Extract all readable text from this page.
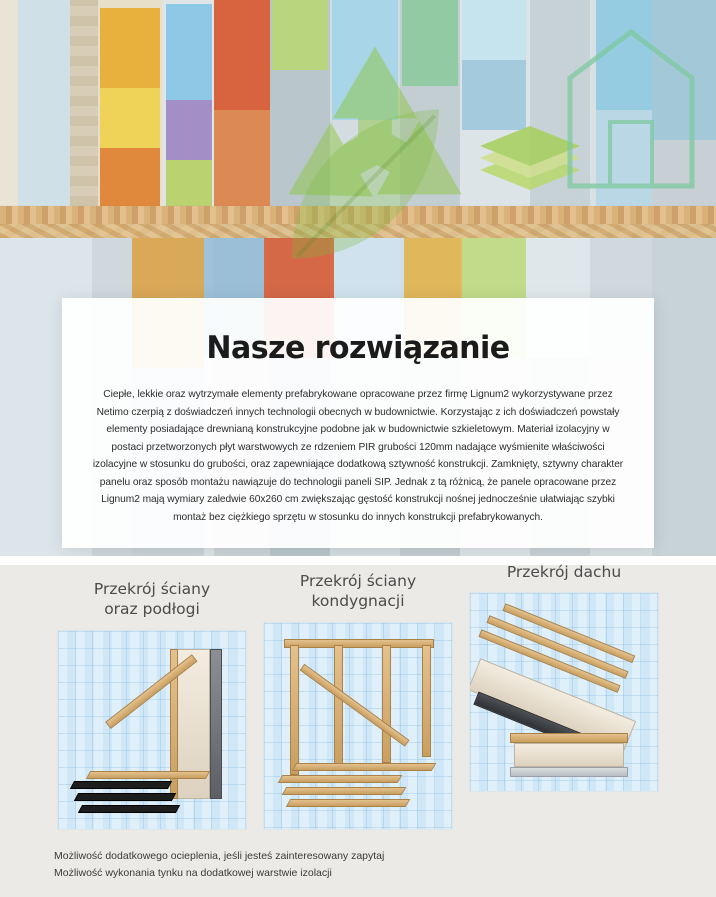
Nasze rozwiązanie

Ciepłe, lekkie oraz wytrzymałe elementy prefabrykowane opracowane przez firmę Lignum2 wykorzystywane przez Netimo czerpią z doświadczeń innych technologii obecnych w budownictwie. Korzystając z ich doświadczeń powstały elementy posiadające drewnianą konstrukcyjne podobne jak w budownictwie szkieletowym. Materiał izolacyjny w postaci przetworzonych płyt warstwowych ze rdzeniem PIR grubości 120mm nadające wyśmienite właściwości izolacyjne w stosunku do grubości, oraz zapewniające dodatkową sztywność konstrukcji. Zamknięty, sztywny charakter panelu oraz sposób montażu nawiązuje do technologii paneli SIP. Jednak z tą różnicą, że panele opracowane przez Lignum2 mają wymiary zaledwie 60x260 cm zwiększając gęstość konstrukcji nośnej jednocześnie ułatwiając szybki montaż bez ciężkiego sprzętu w stosunku do innych konstrukcji prefabrykowanych.

Przekrój ściany
oraz podłogi
Przekrój ściany
kondygnacji
Przekrój dachu
Możliwość dodatkowego ocieplenia, jeśli jesteś zainteresowany zapytaj
Możliwość wykonania tynku na dodatkowej warstwie izolacji
